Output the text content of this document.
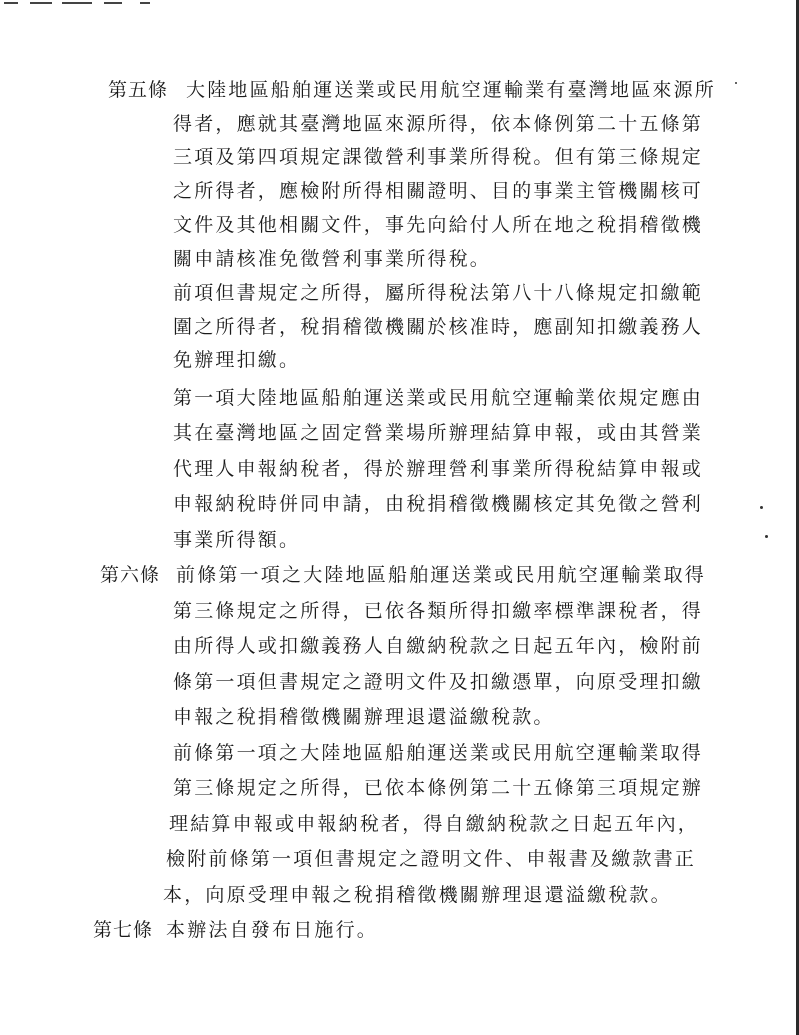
第五條 大陸地區船舶運送業或民用航空運輸業有臺灣地區來源所
得者，應就其臺灣地區來源所得，依本條例第二十五條第
三項及第四項規定課徵營利事業所得稅。但有第三條規定
之所得者，應檢附所得相關證明、目的事業主管機關核可
文件及其他相關文件，事先向給付人所在地之稅捐稽徵機
關申請核准免徵營利事業所得稅。
前項但書規定之所得，屬所得稅法第八十八條規定扣繳範
圍之所得者，稅捐稽徵機關於核准時，應副知扣繳義務人
免辦理扣繳。
第一項大陸地區船舶運送業或民用航空運輸業依規定應由
其在臺灣地區之固定營業場所辦理結算申報，或由其營業
代理人申報納稅者，得於辦理營利事業所得稅結算申報或
申報納稅時併同申請，由稅捐稽徵機關核定其免徵之營利
事業所得額。
第六條 前條第一項之大陸地區船舶運送業或民用航空運輸業取得
第三條規定之所得，已依各類所得扣繳率標準課稅者，得
由所得人或扣繳義務人自繳納稅款之日起五年內，檢附前
條第一項但書規定之證明文件及扣繳憑單，向原受理扣繳
申報之稅捐稽徵機關辦理退還溢繳稅款。
前條第一項之大陸地區船舶運送業或民用航空運輸業取得
第三條規定之所得，已依本條例第二十五條第三項規定辦
理結算申報或申報納稅者，得自繳納稅款之日起五年內，
檢附前條第一項但書規定之證明文件、申報書及繳款書正
本，向原受理申報之稅捐稽徵機關辦理退還溢繳稅款。
第七條 本辦法自發布日施行。
